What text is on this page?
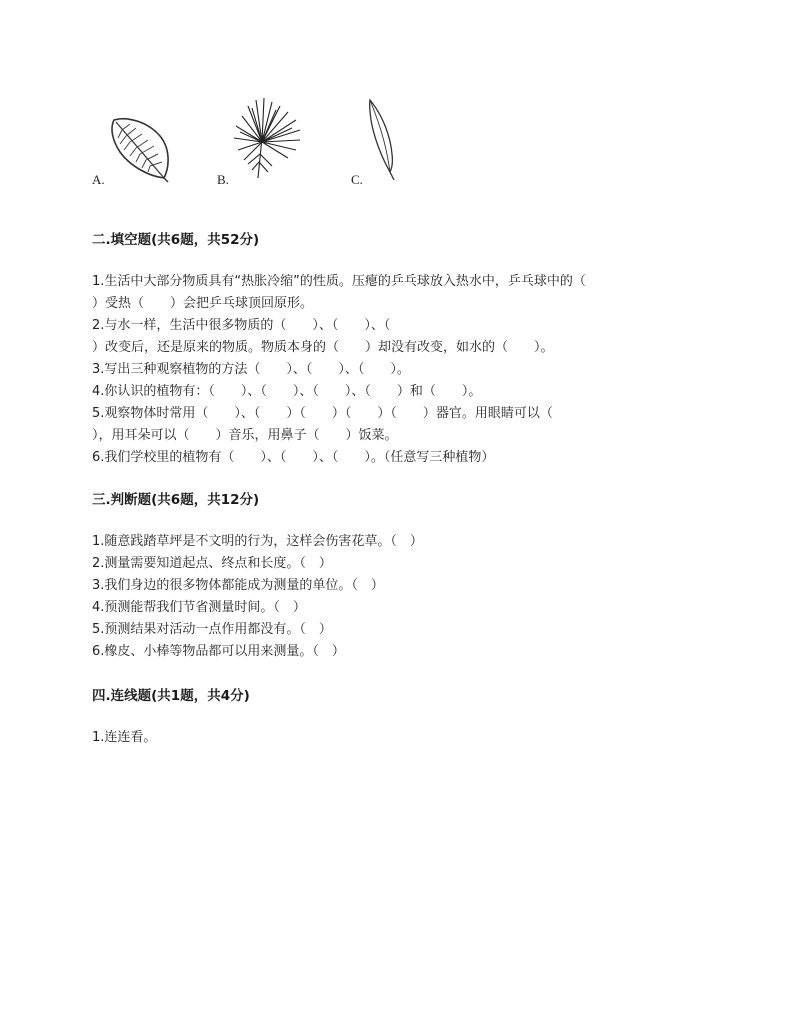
A.	B.	C.
二.填空题(共6题，共52分)
1.生活中大部分物质具有“热胀冷缩”的性质。压瘪的乒乓球放入热水中，乒乓球中的（
）受热（　　）会把乒乓球顶回原形。
2.与水一样，生活中很多物质的（　　）、（　　）、（
）改变后，还是原来的物质。物质本身的（　　）却没有改变，如水的（　　）。
3.写出三种观察植物的方法（　　）、（　　）、（　　）。
4.你认识的植物有：（　　）、（　　）、（　　）、（　　）和（　　）。
5.观察物体时常用（　　）、（　　）（　　）（　　）（　　）器官。用眼睛可以（
），用耳朵可以（　　）音乐，用鼻子（　　）饭菜。
6.我们学校里的植物有（　　）、（　　）、（　　）。（任意写三种植物）
三.判断题(共6题，共12分)
1.随意践踏草坪是不文明的行为，这样会伤害花草。（　）
2.测量需要知道起点、终点和长度。（　）
3.我们身边的很多物体都能成为测量的单位。（　）
4.预测能帮我们节省测量时间。（　）
5.预测结果对活动一点作用都没有。（　）
6.橡皮、小棒等物品都可以用来测量。（　）
四.连线题(共1题，共4分)
1.连连看。
